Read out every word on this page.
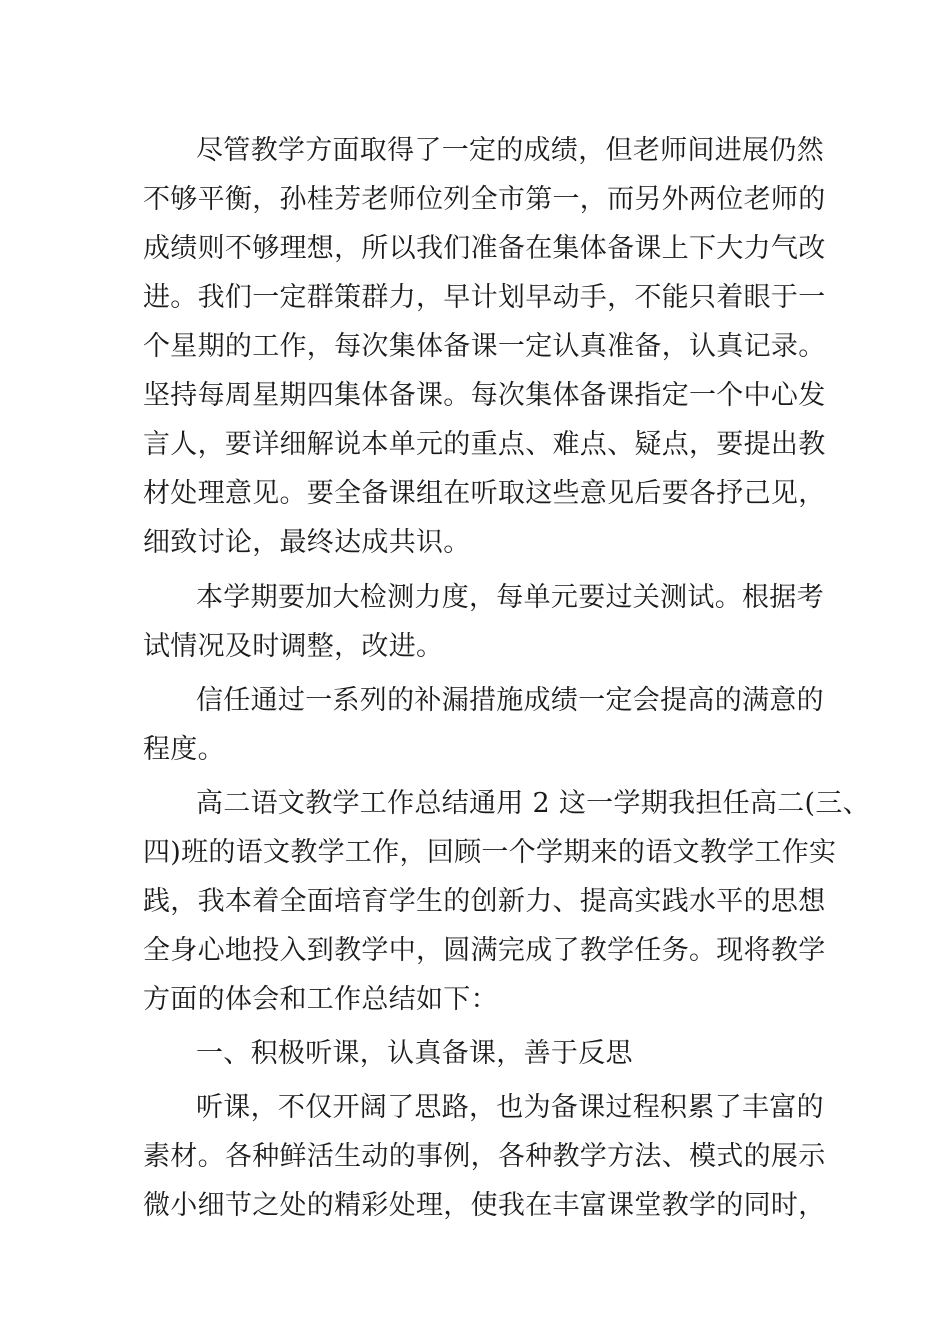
尽管教学方面取得了一定的成绩，但老师间进展仍然

不够平衡，孙桂芳老师位列全市第一，而另外两位老师的

成绩则不够理想，所以我们准备在集体备课上下大力气改

进。我们一定群策群力，早计划早动手，不能只着眼于一

个星期的工作，每次集体备课一定认真准备，认真记录。

坚持每周星期四集体备课。每次集体备课指定一个中心发

言人，要详细解说本单元的重点、难点、疑点，要提出教

材处理意见。要全备课组在听取这些意见后要各抒己见，

细致讨论，最终达成共识。

本学期要加大检测力度，每单元要过关测试。根据考

试情况及时调整，改进。

信任通过一系列的补漏措施成绩一定会提高的满意的

程度。

高二语文教学工作总结通用 2 这一学期我担任高二(三、

四)班的语文教学工作，回顾一个学期来的语文教学工作实

践，我本着全面培育学生的创新力、提高实践水平的思想

全身心地投入到教学中，圆满完成了教学任务。现将教学

方面的体会和工作总结如下：

一、积极听课，认真备课，善于反思

听课，不仅开阔了思路，也为备课过程积累了丰富的

素材。各种鲜活生动的事例，各种教学方法、模式的展示

微小细节之处的精彩处理，使我在丰富课堂教学的同时，
